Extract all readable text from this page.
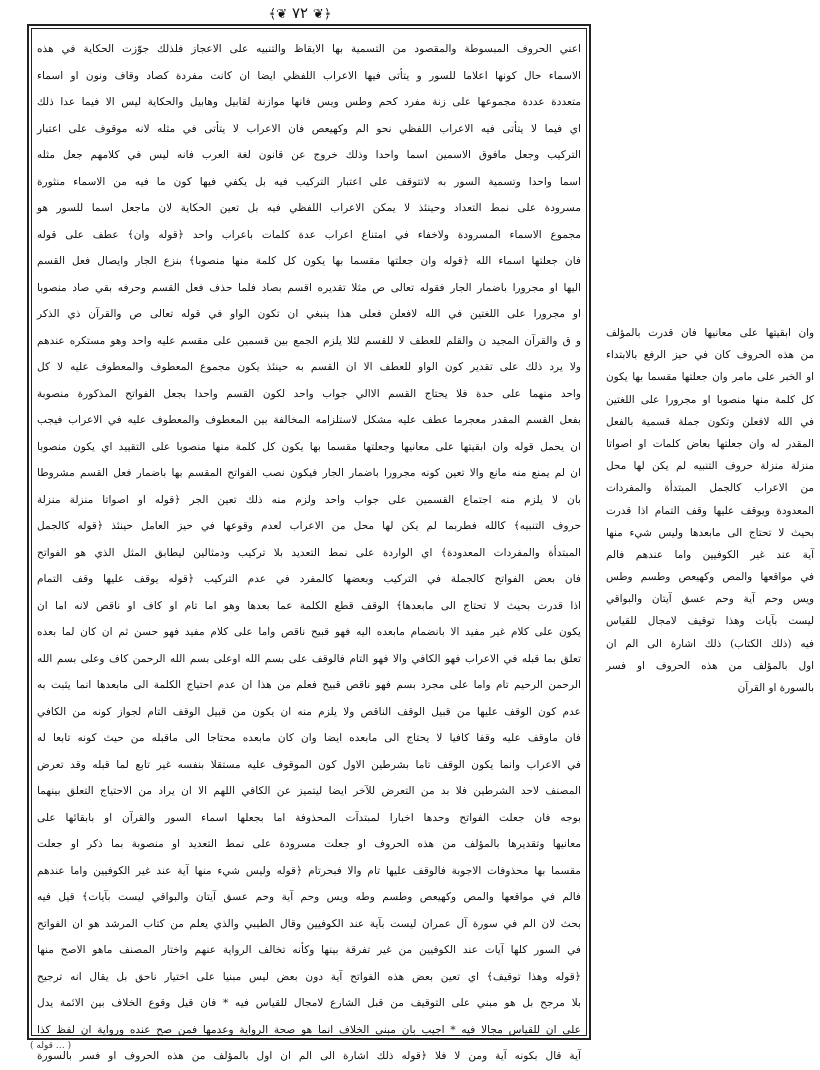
﴾❦ ٧٢ ❦﴿
اعني الحروف المبسوطة والمقصود من التسمية بها الايقاظ والتنبيه على الاعجاز فلذلك جوّزت الحكاية في هذه
الاسماء حال كونها اعلاما للسور و يتأتى فيها الاعراب اللفظي ايضا ان كانت مفردة كصاد وقاف ونون او اسماء
متعددة عددة مجموعها على زنة مفرد كحم وطس ويس فانها موازنة لقابيل وهابيل والحكاية ليس الا فيما عدا ذلك
اي فيما لا يتأتى فيه الاعراب اللفظي نحو الم وكهيعص فان الاعراب لا يتأتى في مثله لانه موقوف على اعتبار
التركيب وجعل مافوق الاسمين اسما واحدا وذلك خروج عن قانون لغة العرب فانه ليس في كلامهم جعل مثله
اسما واحدا وتسمية السور به لاتتوقف على اعتبار التركيب فيه بل يكفي فيها كون ما فيه من الاسماء منثورة
مسرودة على نمط التعداد وحينئذ لا يمكن الاعراب اللفظي فيه بل تعين الحكاية لان ماجعل اسما للسور هو
مجموع الاسماء المسرودة ولاخفاء في امتناع اعراب عدة كلمات باعراب واحد ﴿قوله وان﴾ عطف على قوله
فان جعلتها اسماء الله ﴿قوله وان جعلتها مقسما بها يكون كل كلمة منها منصوبا﴾ بنزع الجار وايصال فعل القسم
اليها او مجرورا باضمار الجار فقوله تعالى ص مثلا تقديره اقسم بصاد فلما حذف فعل القسم وحرفه بقي صاد منصوبا
او مجرورا على اللغتين في الله لافعلن فعلى هذا ينبغي ان تكون الواو في قوله تعالى ص والقرآن ذي الذكر
و ق والقرآن المجيد ن والقلم للعطف لا للقسم لئلا يلزم الجمع بين قسمين على مقسم عليه واحد وهو مستكره عندهم
ولا يرد ذلك على تقدير كون الواو للعطف الا ان القسم به حينئذ يكون مجموع المعطوف والمعطوف عليه لا كل
واحد منهما على حدة فلا يحتاج القسم الاالي جواب واحد لكون القسم واحدا بجعل الفواتح المذكورة منصوبة
بفعل القسم المقدر معجرما عطف عليه مشكل لاستلزامه المخالفة بين المعطوف والمعطوف عليه في الاعراب فيجب
ان يحمل قوله وان ابقيتها على معانيها وجعلتها مقسما بها يكون كل كلمة منها منصوبا على التقييد اي يكون منصوبا
ان لم يمنع منه مانع والا تعين كونه مجرورا باضمار الجار فيكون نصب الفواتح المقسم بها باضمار فعل القسم مشروطا
بان لا يلزم منه اجتماع القسمين على جواب واحد ولزم منه ذلك تعين الجر ﴿قوله او اصواتا منزلة منزلة
حروف التنبيه﴾ كالله فطربما لم يكن لها محل من الاعراب لعدم وقوعها في حيز العامل حينئذ ﴿قوله كالجمل
المبتدأة والمفردات المعدودة﴾ اي الواردة على نمط التعديد بلا تركيب ودمثالين ليطابق المثل الذي هو الفواتح
فان بعض الفواتح كالجملة في التركيب وبعضها كالمفرد في عدم التركيب ﴿قوله يوقف عليها وقف التمام
اذا قدرت بحيث لا تحتاج الى مابعدها﴾ الوقف قطع الكلمة عما بعدها وهو اما تام او كاف او ناقص لانه اما ان
يكون على كلام غير مفيد الا بانضمام مابعده اليه فهو قبيح ناقص واما على كلام مفيد فهو حسن ثم ان كان لما بعده
تعلق بما قبله في الاعراب فهو الكافي والا فهو التام فالوقف على بسم الله اوعلى بسم الله الرحمن كاف وعلى بسم الله
الرحمن الرحيم تام واما على مجرد بسم فهو ناقص قبيح فعلم من هذا ان عدم احتياج الكلمة الى مابعدها انما يثبت به
عدم كون الوقف عليها من قبيل الوقف الناقص ولا يلزم منه ان يكون من قبيل الوقف التام لجواز كونه من الكافي
فان ماوقف عليه وقفا كافيا لا يحتاج الى مابعده ايضا وان كان مابعده محتاجا الى ماقبله من حيث كونه تابعا له
في الاعراب وانما يكون الوقف تاما بشرطين الاول كون الموقوف عليه مستقلا بنفسه غير تابع لما قبله وقد تعرض
المصنف لاحد الشرطين فلا بد من التعرض للآخر ايضا ليتميز عن الكافي اللهم الا ان يراد من الاحتياج التعلق بينهما
بوجه فان جعلت الفواتح وحدها اخبارا لمبتدآت المحذوفة اما بجعلها اسماء السور والقرآن او بابقائها على
معانيها وتقديرها بالمؤلف من هذه الحروف او جعلت مسرودة على نمط التعديد او منصوبة بما ذكر او جعلت
مقسما بها محذوفات الاجوبة فالوقف عليها تام والا فبحرتام ﴿قوله وليس شيء منها آية عند غير الكوفيين واما عندهم
فالم في مواقعها والمص وكهيعص وطسم وطه ويس وحم آية وحم عسق آيتان والبواقي ليست بآيات﴾ قيل فيه
بحث لان الم في سورة آل عمران ليست بآية عند الكوفيين وقال الطيبي والذي يعلم من كتاب المرشد هو ان الفواتح
في السور كلها آيات عند الكوفيين من غير تفرقة بينها وكأنه تخالف الرواية عنهم واختار المصنف ماهو الاصح منها
﴿قوله وهذا توقيف﴾ اي تعين بعض هذه الفواتح آية دون بعض ليس مبنيا على اختيار ناحق بل يقال انه ترجيح
بلا مرجح بل هو مبني على التوقيف من قبل الشارع لامجال للقياس فيه * فان قيل وقوع الخلاف بين الائمة يدل
على ان للقياس مجالا فيه * اجيب بان مبنى الخلاف انما هو صحة الرواية وعدمها فمن صح عنده ورواية ان لفظ كذا
آية قال بكونه آية ومن لا فلا ﴿قوله ذلك اشارة الى الم ان اول بالمؤلف من هذه الحروف او فسر بالسورة
وان ابقيتها على معانيها فان قدرت بالمؤلف
من هذه الحروف كان في حيز الرفع بالابتداء
او الخبر على مامر وان جعلتها مقسما بها يكون
كل كلمة منها منصوبا او مجرورا على اللغتين
في الله لافعلن وتكون جملة قسمية بالفعل
المقدر له وان جعلتها بعاض كلمات او اصواتا
منزلة منزلة حروف التنبيه لم يكن لها محل
من الاعراب كالجمل المبتدأة والمفردات
المعدودة ويوقف عليها وقف التمام اذا قدرت
بحيث لا تحتاج الى مابعدها وليس شيء منها
آية عند غير الكوفيين واما عندهم فالم
في مواقعها والمص وكهيعص وطسم وطس
ويس وحم آية وحم عسق آيتان والبواقي
ليست بآيات وهذا توقيف لامجال للقياس
فيه (ذلك الكتاب) ذلك اشارة الى الم ان
اول بالمؤلف من هذه الحروف او فسر
بالسورة او القرآن
( قوله … )
